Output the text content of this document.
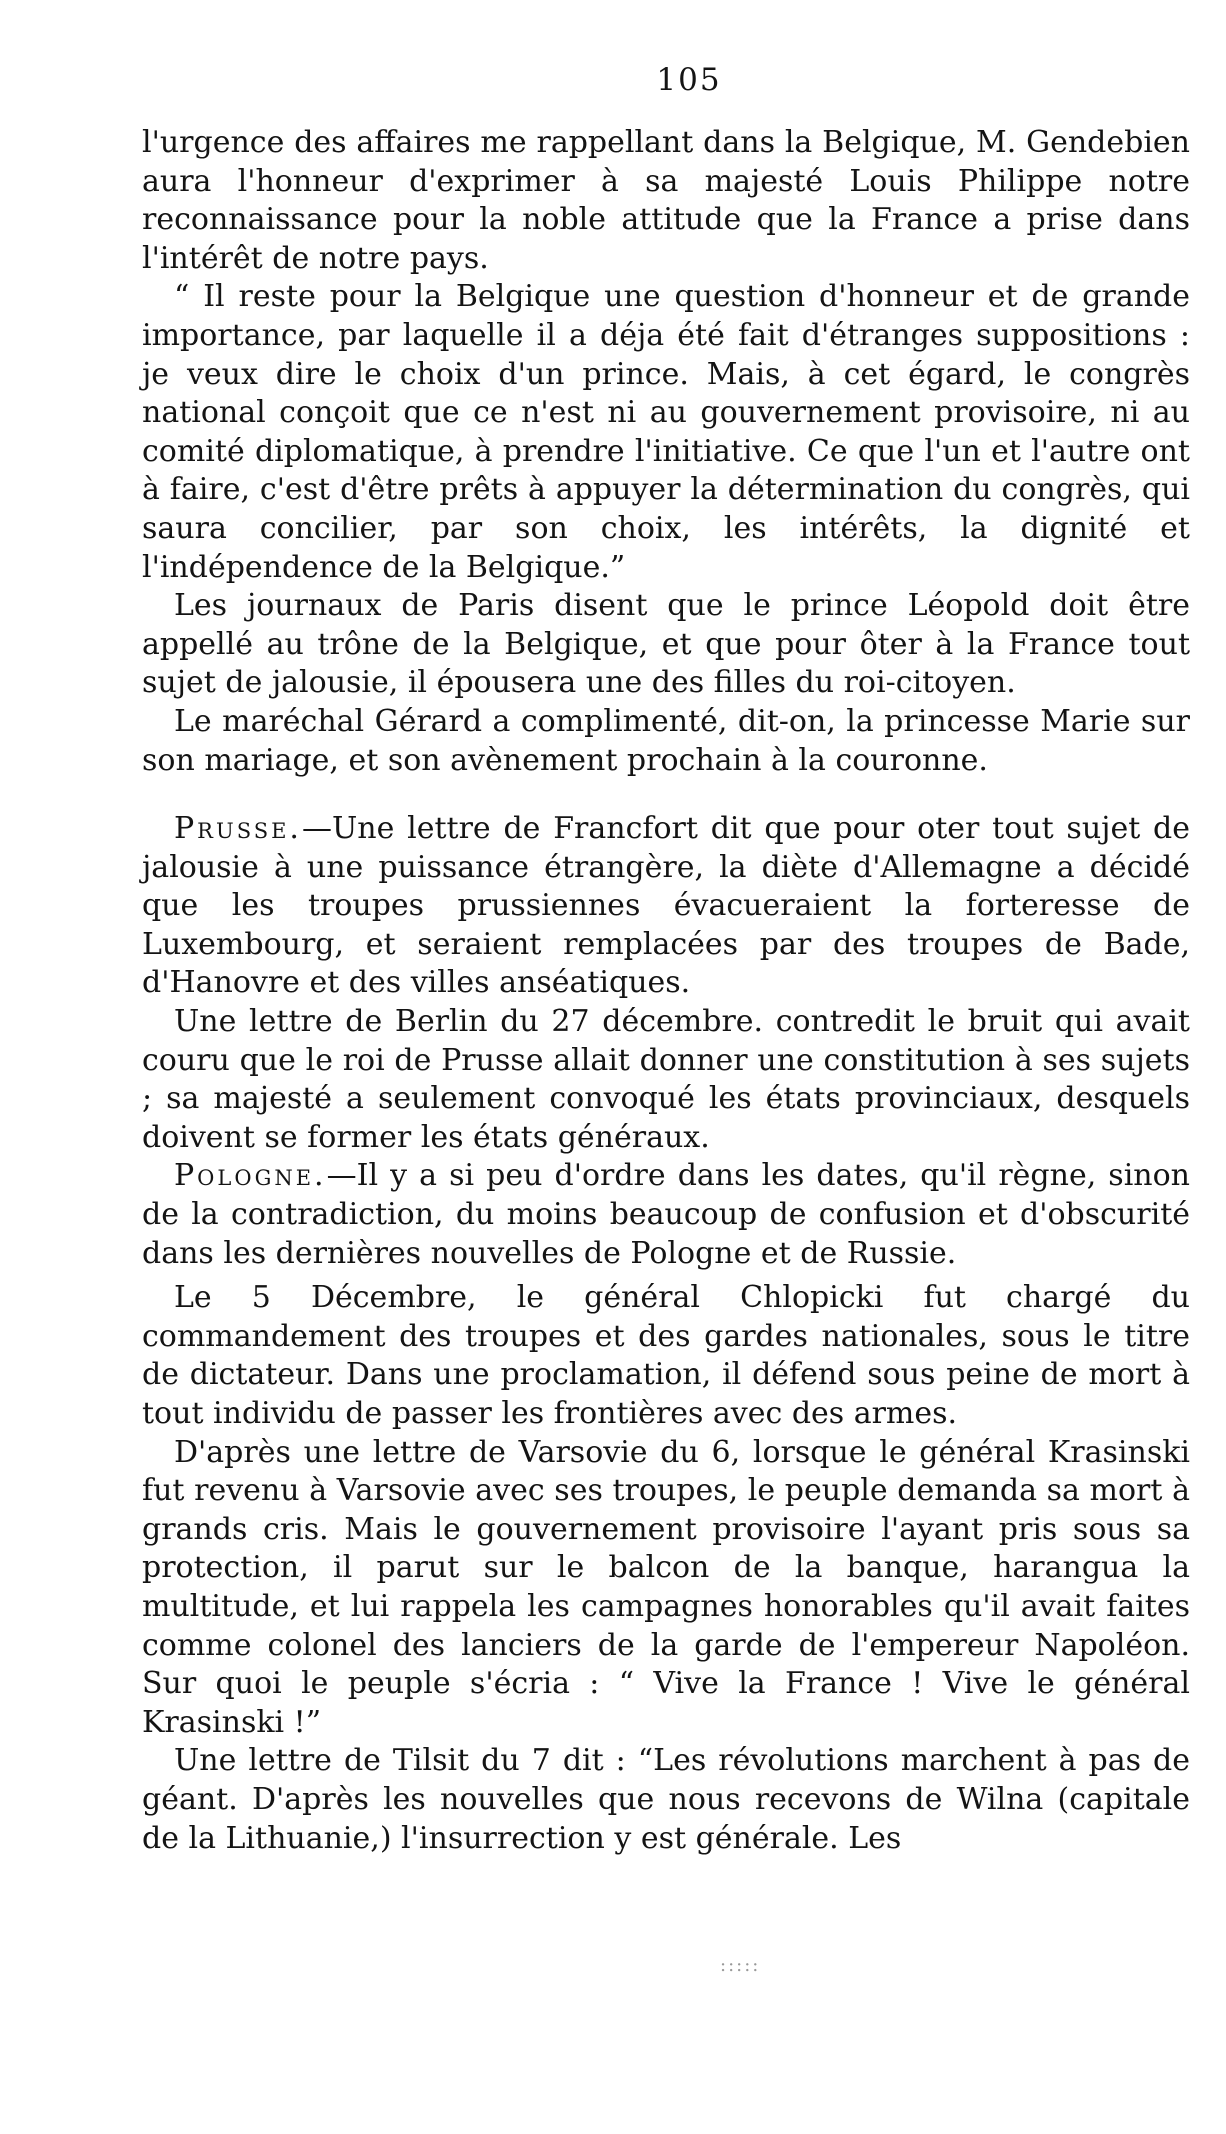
105

l'urgence des affaires me rappellant dans la Belgique, M. Gendebien aura l'honneur d'exprimer à sa majesté Louis Philippe notre reconnaissance pour la noble attitude que la France a prise dans l'intérêt de notre pays.

“ Il reste pour la Belgique une question d'honneur et de grande importance, par laquelle il a déja été fait d'étranges suppositions : je veux dire le choix d'un prince. Mais, à cet égard, le congrès national conçoit que ce n'est ni au gouvernement provisoire, ni au comité diplomatique, à prendre l'initiative. Ce que l'un et l'autre ont à faire, c'est d'être prêts à appuyer la détermination du congrès, qui saura concilier, par son choix, les intérêts, la dignité et l'indépendence de la Belgique.”

Les journaux de Paris disent que le prince Léopold doit être appellé au trône de la Belgique, et que pour ôter à la France tout sujet de jalousie, il épousera une des filles du roi-citoyen.

Le maréchal Gérard a complimenté, dit-on, la princesse Marie sur son mariage, et son avènement prochain à la couronne.

Prusse.—Une lettre de Francfort dit que pour oter tout sujet de jalousie à une puissance étrangère, la diète d'Allemagne a décidé que les troupes prussiennes évacueraient la forteresse de Luxembourg, et seraient remplacées par des troupes de Bade, d'Hanovre et des villes anséatiques.

Une lettre de Berlin du 27 décembre. contredit le bruit qui avait couru que le roi de Prusse allait donner une constitution à ses sujets ; sa majesté a seulement convoqué les états provinciaux, desquels doivent se former les états généraux.

Pologne.—Il y a si peu d'ordre dans les dates, qu'il règne, sinon de la contradiction, du moins beaucoup de confusion et d'obscurité dans les dernières nouvelles de Pologne et de Russie.

Le 5 Décembre, le général Chlopicki fut chargé du commandement des troupes et des gardes nationales, sous le titre de dictateur. Dans une proclamation, il défend sous peine de mort à tout individu de passer les frontières avec des armes.

D'après une lettre de Varsovie du 6, lorsque le général Krasinski fut revenu à Varsovie avec ses troupes, le peuple demanda sa mort à grands cris. Mais le gouvernement provisoire l'ayant pris sous sa protection, il parut sur le balcon de la banque, harangua la multitude, et lui rappela les campagnes honorables qu'il avait faites comme colonel des lanciers de la garde de l'empereur Napoléon. Sur quoi le peuple s'écria : “ Vive la France ! Vive le général Krasinski !”

Une lettre de Tilsit du 7 dit : “Les révolutions marchent à pas de géant. D'après les nouvelles que nous recevons de Wilna (capitale de la Lithuanie,) l'insurrection y est générale. Les

:::::
